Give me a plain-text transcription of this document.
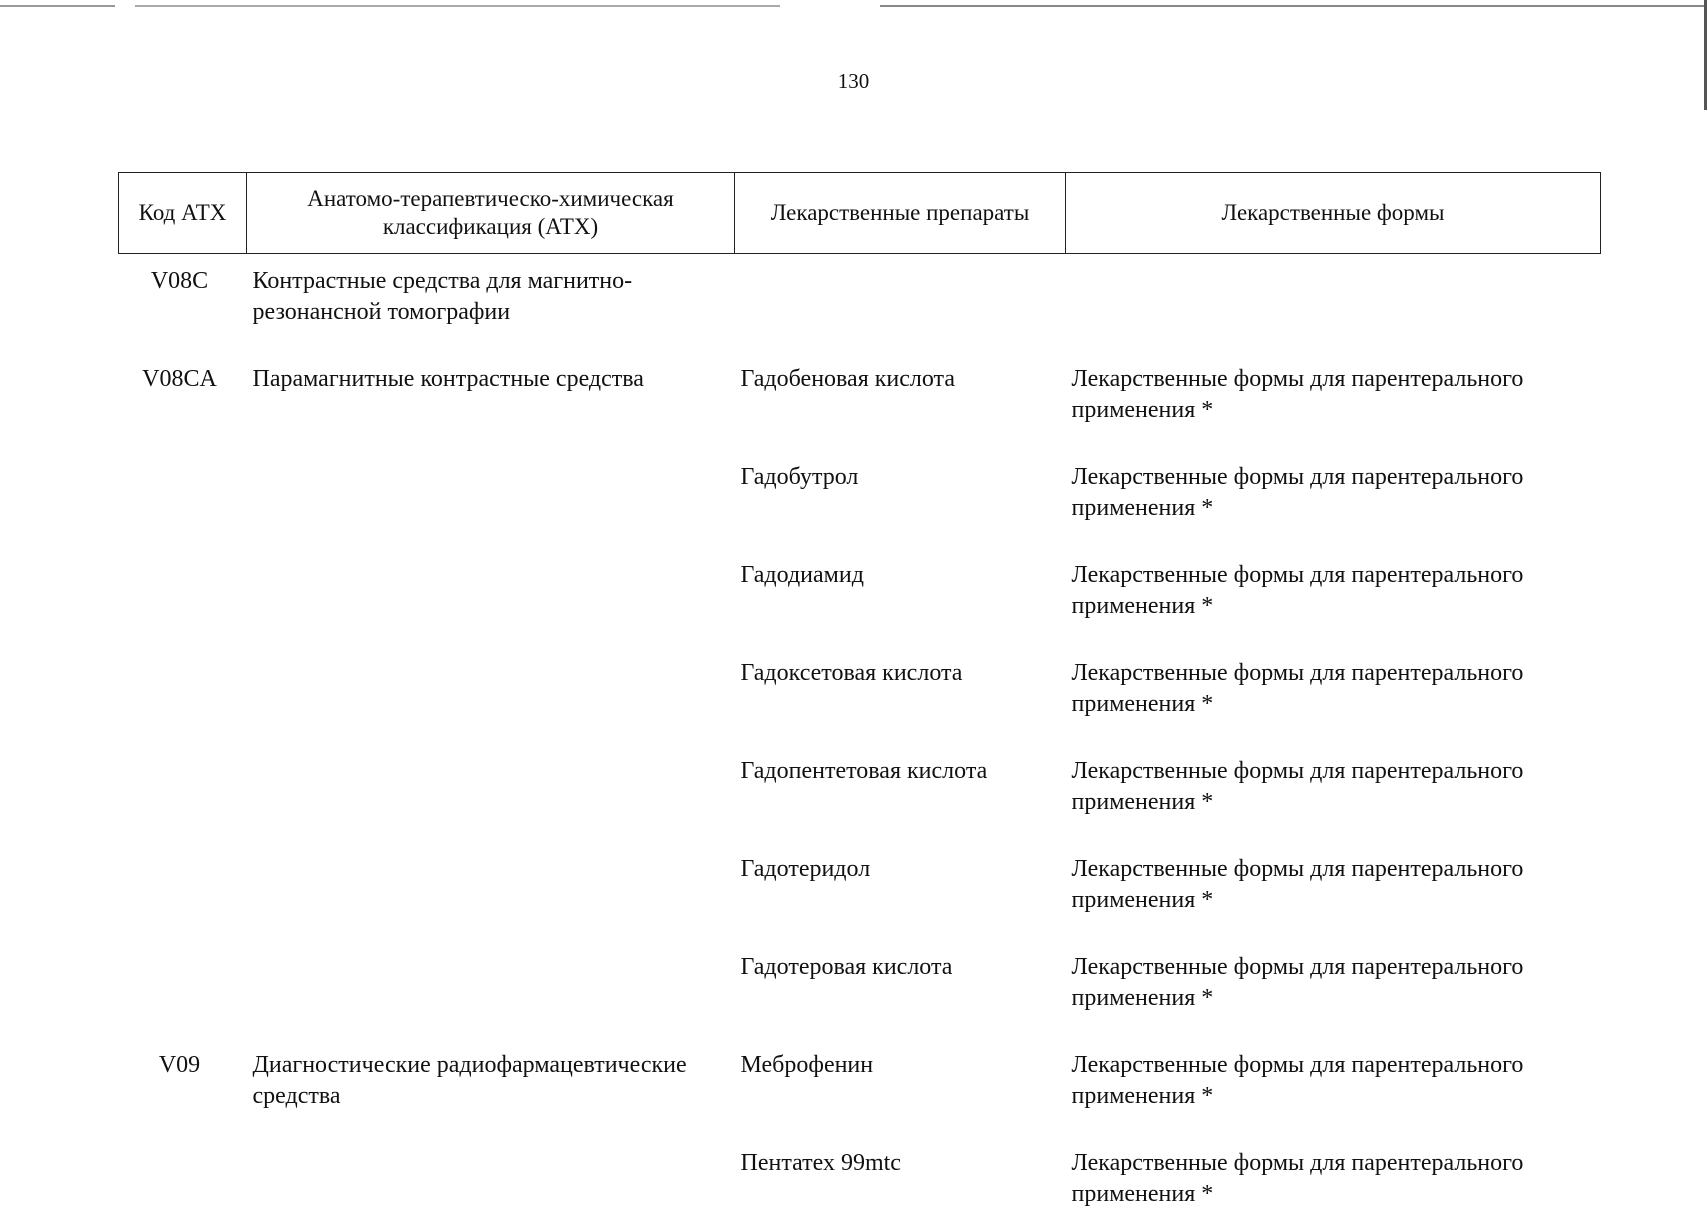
130
Код АТХ	Анатомо-терапевтическо-химическая классификация (АТХ)	Лекарственные препараты	Лекарственные формы
V08C	Контрастные средства для магнитно-резонансной томографии		
V08CA	Парамагнитные контрастные средства	Гадобеновая кислота	Лекарственные формы для парентерального применения *
		Гадобутрол	Лекарственные формы для парентерального применения *
		Гадодиамид	Лекарственные формы для парентерального применения *
		Гадоксетовая кислота	Лекарственные формы для парентерального применения *
		Гадопентетовая кислота	Лекарственные формы для парентерального применения *
		Гадотеридол	Лекарственные формы для парентерального применения *
		Гадотеровая кислота	Лекарственные формы для парентерального применения *
V09	Диагностические радиофармацевтические средства	Меброфенин	Лекарственные формы для парентерального применения *
		Пентатех 99mtc	Лекарственные формы для парентерального применения *
